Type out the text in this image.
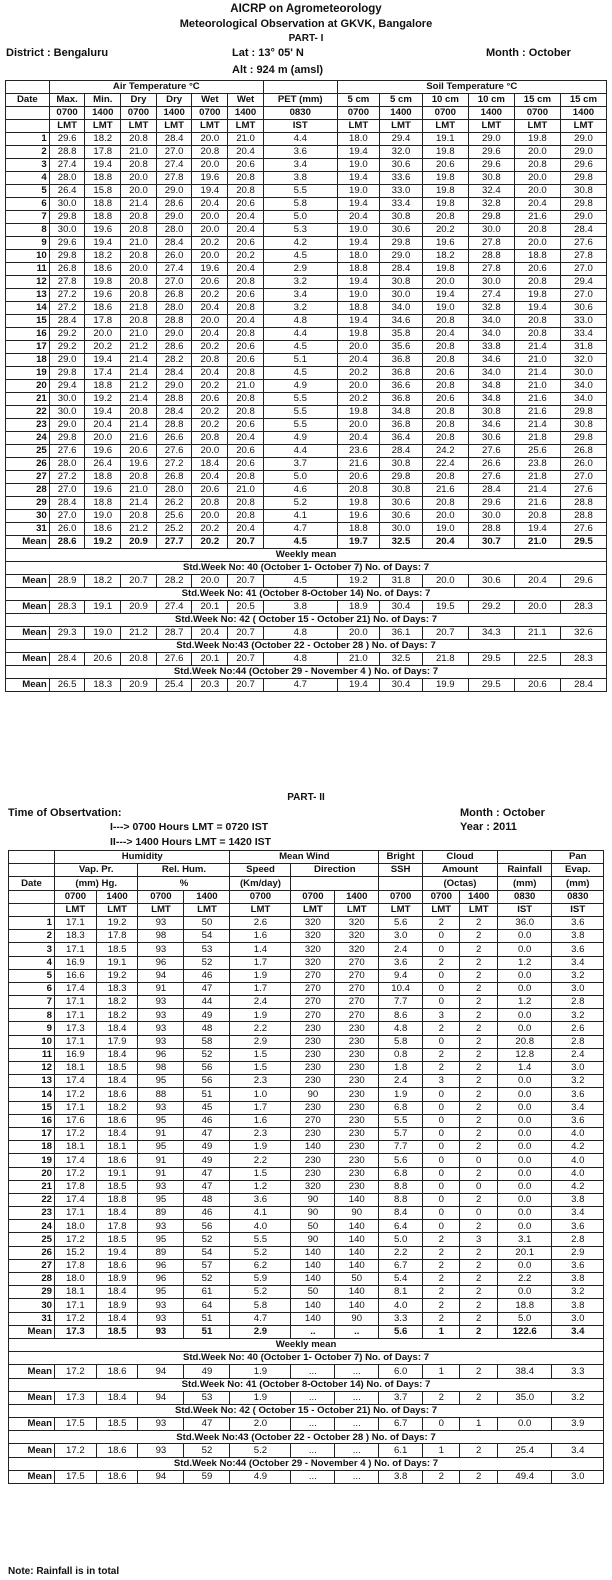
AICRP on Agrometeorology
Meteorological Observation at GKVK, Bangalore
PART- I
District : Bengaluru	Lat : 13° 05' N	Month : October
Alt : 924 m (amsl)
	Air Temperature °C							Soil Temperature °C					
Date	Max.	Min.	Dry	Dry	Wet	Wet	PET (mm)	5 cm	5 cm	10 cm	10 cm	15 cm	15 cm
	0700	1400	0700	1400	0700	1400	0830	0700	1400	0700	1400	0700	1400
	LMT	LMT	LMT	LMT	LMT	LMT	IST	LMT	LMT	LMT	LMT	LMT	LMT
1	29.6	18.2	20.8	28.4	20.0	21.0	4.4	18.0	29.4	19.1	29.0	19.8	29.0
2	28.8	17.8	21.0	27.0	20.8	20.4	3.6	19.4	32.0	19.8	29.6	20.0	29.0
3	27.4	19.4	20.8	27.4	20.0	20.6	3.4	19.0	30.6	20.6	29.6	20.8	29.6
4	28.0	18.8	20.0	27.8	19.6	20.8	3.8	19.4	33.6	19.8	30.8	20.0	29.8
5	26.4	15.8	20.0	29.0	19.4	20.8	5.5	19.0	33.0	19.8	32.4	20.0	30.8
6	30.0	18.8	21.4	28.6	20.4	20.6	5.8	19.4	33.4	19.8	32.8	20.4	29.8
7	29.8	18.8	20.8	29.0	20.0	20.4	5.0	20.4	30.8	20.8	29.8	21.6	29.0
8	30.0	19.6	20.8	28.0	20.0	20.4	5.3	19.0	30.6	20.2	30.0	20.8	28.4
9	29.6	19.4	21.0	28.4	20.2	20.6	4.2	19.4	29.8	19.6	27.8	20.0	27.6
10	29.8	18.2	20.8	26.0	20.0	20.2	4.5	18.0	29.0	18.2	28.8	18.8	27.8
11	26.8	18.6	20.0	27.4	19.6	20.4	2.9	18.8	28.4	19.8	27.8	20.6	27.0
12	27.8	19.8	20.8	27.0	20.6	20.8	3.2	19.4	30.8	20.0	30.0	20.8	29.4
13	27.2	19.6	20.8	26.8	20.2	20.6	3.4	19.0	30.0	19.4	27.4	19.8	27.0
14	27.2	18.6	21.8	28.0	20.4	20.8	3.2	18.8	34.0	19.0	32.8	19.4	30.6
15	28.4	17.8	20.8	28.8	20.0	20.4	4.8	19.4	34.6	20.8	34.0	20.8	33.0
16	29.2	20.0	21.0	29.0	20.4	20.8	4.4	19.8	35.8	20.4	34.0	20.8	33.4
17	29.2	20.2	21.2	28.6	20.2	20.6	4.5	20.0	35.6	20.8	33.8	21.4	31.8
18	29.0	19.4	21.4	28.2	20.8	20.6	5.1	20.4	36.8	20.8	34.6	21.0	32.0
19	29.8	17.4	21.4	28.4	20.4	20.8	4.5	20.2	36.8	20.6	34.0	21.4	30.0
20	29.4	18.8	21.2	29.0	20.2	21.0	4.9	20.0	36.6	20.8	34.8	21.0	34.0
21	30.0	19.2	21.4	28.8	20.6	20.8	5.5	20.2	36.8	20.6	34.8	21.6	34.0
22	30.0	19.4	20.8	28.4	20.2	20.8	5.5	19.8	34.8	20.8	30.8	21.6	29.8
23	29.0	20.4	21.4	28.8	20.2	20.6	5.5	20.0	36.8	20.8	34.6	21.4	30.8
24	29.8	20.0	21.6	26.6	20.8	20.4	4.9	20.4	36.4	20.8	30.6	21.8	29.8
25	27.6	19.6	20.6	27.6	20.0	20.6	4.4	23.6	28.4	24.2	27.6	25.6	26.8
26	28.0	26.4	19.6	27.2	18.4	20.6	3.7	21.6	30.8	22.4	26.6	23.8	26.0
27	27.2	18.8	20.8	26.8	20.4	20.8	5.0	20.6	29.8	20.8	27.6	21.8	27.0
28	27.0	19.6	21.0	28.0	20.6	21.0	4.6	20.8	30.8	21.6	28.4	21.4	27.6
29	28.4	18.8	21.4	26.2	20.8	20.8	5.2	19.8	30.6	20.8	29.6	21.6	28.8
30	27.0	19.0	20.8	25.6	20.0	20.8	4.1	19.6	30.6	20.0	30.0	20.8	28.8
31	26.0	18.6	21.2	25.2	20.2	20.4	4.7	18.8	30.0	19.0	28.8	19.4	27.6
Mean	28.6	19.2	20.9	27.7	20.2	20.7	4.5	19.7	32.5	20.4	30.7	21.0	29.5
Weekly mean													
Std.Week No: 40 (October 1- October 7) No. of Days: 7													
Mean	28.9	18.2	20.7	28.2	20.0	20.7	4.5	19.2	31.8	20.0	30.6	20.4	29.6
Std.Week No: 41 (October 8-October 14) No. of Days: 7													
Mean	28.3	19.1	20.9	27.4	20.1	20.5	3.8	18.9	30.4	19.5	29.2	20.0	28.3
Std.Week No: 42 ( October 15 - October 21) No. of Days: 7													
Mean	29.3	19.0	21.2	28.7	20.4	20.7	4.8	20.0	36.1	20.7	34.3	21.1	32.6
Std.Week No:43 (October 22 - October 28 ) No. of Days: 7													
Mean	28.4	20.6	20.8	27.6	20.1	20.7	4.8	21.0	32.5	21.8	29.5	22.5	28.3
Std.Week No:44 (October 29 - November 4 ) No. of Days: 7													
Mean	26.5	18.3	20.9	25.4	20.3	20.7	4.7	19.4	30.4	19.9	29.5	20.6	28.4
PART- II
Time of Obsertvation:	Month : October
I---> 0700 Hours LMT = 0720 IST	Year : 2011
II---> 1400 Hours LMT = 1420 IST
	Humidity				Mean Wind			Bright	Cloud			Pan
	Vap. Pr.		Rel. Hum.		Speed	Direction		SSH	Amount		Rainfall	Evap.
Date	(mm) Hg.		%		(Km/day)				(Octas)		(mm)	(mm)
	0700	1400	0700	1400	0700	0700	1400	0700	0700	1400	0830	0830
	LMT	LMT	LMT	LMT	LMT	LMT	LMT	LMT	LMT	LMT	IST	IST
1	17.1	19.2	93	50	2.6	320	320	5.6	2	2	36.0	3.6
2	18.3	17.8	98	54	1.6	320	320	3.0	0	2	0.0	3.8
3	17.1	18.5	93	53	1.4	320	320	2.4	0	2	0.0	3.6
4	16.9	19.1	96	52	1.7	320	270	3.6	2	2	1.2	3.4
5	16.6	19.2	94	46	1.9	270	270	9.4	0	2	0.0	3.2
6	17.4	18.3	91	47	1.7	270	270	10.4	0	2	0.0	3.0
7	17.1	18.2	93	44	2.4	270	270	7.7	0	2	1.2	2.8
8	17.1	18.2	93	49	1.9	270	270	8.6	3	2	0.0	3.2
9	17.3	18.4	93	48	2.2	230	230	4.8	2	2	0.0	2.6
10	17.1	17.9	93	58	2.9	230	230	5.8	0	2	20.8	2.8
11	16.9	18.4	96	52	1.5	230	230	0.8	2	2	12.8	2.4
12	18.1	18.5	98	56	1.5	230	230	1.8	2	2	1.4	3.0
13	17.4	18.4	95	56	2.3	230	230	2.4	3	2	0.0	3.2
14	17.2	18.6	88	51	1.0	90	230	1.9	0	2	0.0	3.6
15	17.1	18.2	93	45	1.7	230	230	6.8	0	2	0.0	3.4
16	17.6	18.6	95	46	1.6	270	230	5.5	0	2	0.0	3.6
17	17.2	18.4	91	47	2.3	230	230	5.7	0	2	0.0	4.0
18	18.1	18.1	95	49	1.9	140	230	7.7	0	2	0.0	4.2
19	17.4	18.6	91	49	2.2	230	230	5.6	0	0	0.0	4.0
20	17.2	19.1	91	47	1.5	230	230	6.8	0	2	0.0	4.0
21	17.8	18.5	93	47	1.2	320	230	8.8	0	0	0.0	4.2
22	17.4	18.8	95	48	3.6	90	140	8.8	0	2	0.0	3.8
23	17.1	18.4	89	46	4.1	90	90	8.4	0	0	0.0	3.4
24	18.0	17.8	93	56	4.0	50	140	6.4	0	2	0.0	3.6
25	17.2	18.5	95	52	5.5	90	140	5.0	2	3	3.1	2.8
26	15.2	19.4	89	54	5.2	140	140	2.2	2	2	20.1	2.9
27	17.8	18.6	96	57	6.2	140	140	6.7	2	2	0.0	3.6
28	18.0	18.9	96	52	5.9	140	50	5.4	2	2	2.2	3.8
29	18.1	18.4	95	61	5.2	50	140	8.1	2	2	0.0	3.2
30	17.1	18.9	93	64	5.8	140	140	4.0	2	2	18.8	3.8
31	17.2	18.4	93	51	4.7	140	90	3.3	2	2	5.0	3.0
Mean	17.3	18.5	93	51	2.9	..	..	5.6	1	2	122.6	3.4
Weekly mean												
Std.Week No: 40 (October 1- October 7) No. of Days: 7												
Mean	17.2	18.6	94	49	1.9	...	...	6.0	1	2	38.4	3.3
Std.Week No: 41 (October 8-October 14) No. of Days: 7												
Mean	17.3	18.4	94	53	1.9	...	...	3.7	2	2	35.0	3.2
Std.Week No: 42 ( October 15 - October 21) No. of Days: 7												
Mean	17.5	18.5	93	47	2.0	...	...	6.7	0	1	0.0	3.9
Std.Week No:43 (October 22 - October 28 ) No. of Days: 7												
Mean	17.2	18.6	93	52	5.2	...	...	6.1	1	2	25.4	3.4
Std.Week No:44 (October 29 - November 4 ) No. of Days: 7												
Mean	17.5	18.6	94	59	4.9	...	...	3.8	2	2	49.4	3.0
Note: Rainfall is in total
